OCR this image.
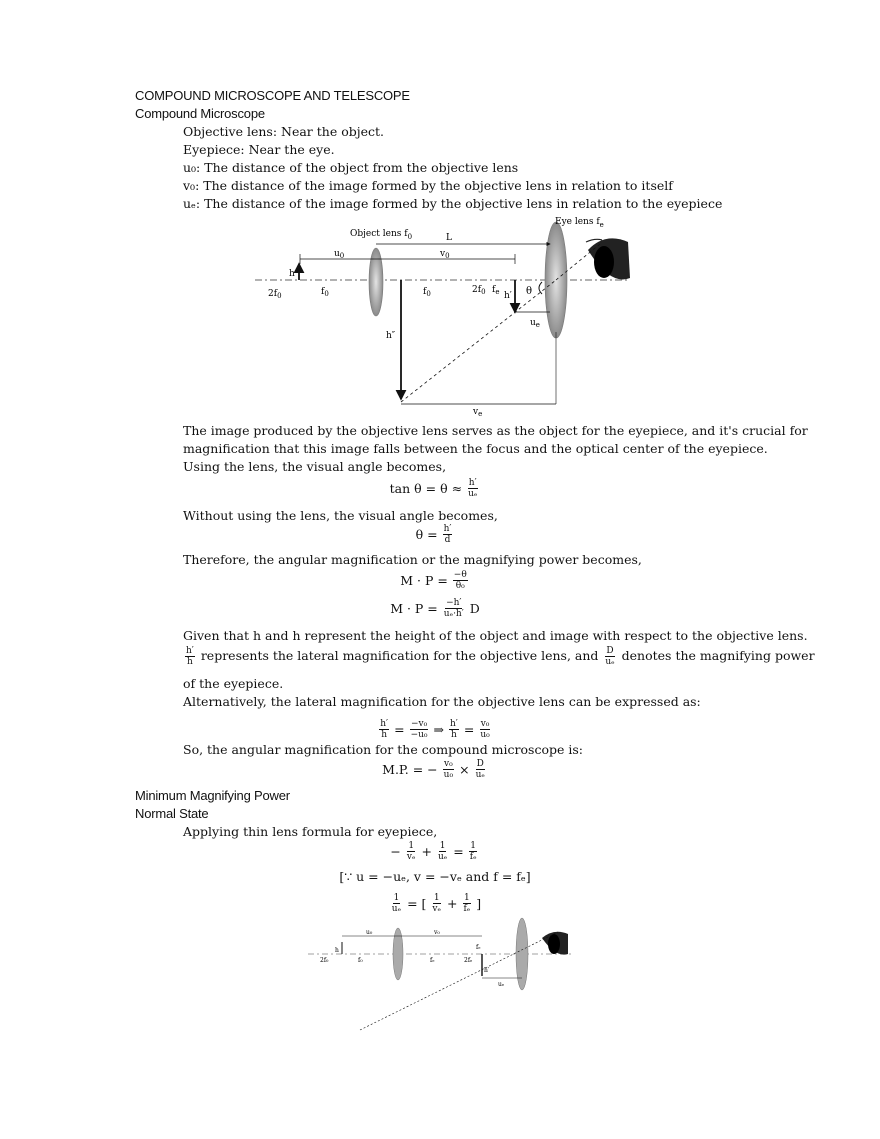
COMPOUND MICROSCOPE AND TELESCOPE
Compound Microscope
Objective lens: Near the object.
Eyepiece: Near the eye.
u₀: The distance of the object from the objective lens
v₀: The distance of the image formed by the objective lens in relation to itself
uₑ: The distance of the image formed by the objective lens in relation to the eyepiece
Eye lens $f_e$
Object lens $f_0$	L
$u_0$	$v_0$
h
$2f_0$	$f_0$	$f_0$	$2f_0$ $f_e$ h′ θ
$u_e$
h″
$v_e$
The image produced by the objective lens serves as the object for the eyepiece, and it's crucial for
magnification that this image falls between the focus and the optical center of the eyepiece.
Using the lens, the visual angle becomes,
$\tan \theta = \theta \approx \frac{h'}{\text{uₑ}}$
Without using the lens, the visual angle becomes,
$\theta = \frac{h'}{d}$
Therefore, the angular magnification or the magnifying power becomes,
$M \cdot P = \frac{-\theta}{\text{θ₀}}$
$M \cdot P = \frac{-h'}{\text{uₑ·h′}}$ D
Given that h and h represent the height of the object and image with respect to the objective lens.
$\frac{h'}{h}$ represents the lateral magnification for the objective lens, and $\frac{D}{\text{uₑ}}$ denotes the magnifying power
of the eyepiece.
Alternatively, the lateral magnification for the objective lens can be expressed as:
$\frac{h'}{h} = \frac{\text{−v₀}}{\text{−u₀}}$ ⇒ $\frac{h'}{h} = \frac{\text{v₀}}{\text{u₀}}$
So, the angular magnification for the compound microscope is:
M.P. = − $\frac{\text{v₀}}{\text{u₀}} \times \frac{D}{\text{uₑ}}$
Minimum Magnifying Power
Normal State
Applying thin lens formula for eyepiece,
− $\frac{1}{\text{vₑ}} + \frac{1}{\text{uₑ}} = \frac{1}{\text{fₑ}}$
[∵ u = −uₑ, v = −vₑ and f = fₑ]
$\frac{1}{\text{uₑ}}$ = [ $\frac{1}{\text{vₑ}} + \frac{1}{\text{fₑ}}$ ]
u₀	v₀
fₑ
h
2f₀	f₀	fₑ	2fₑ
h′
uₑ
